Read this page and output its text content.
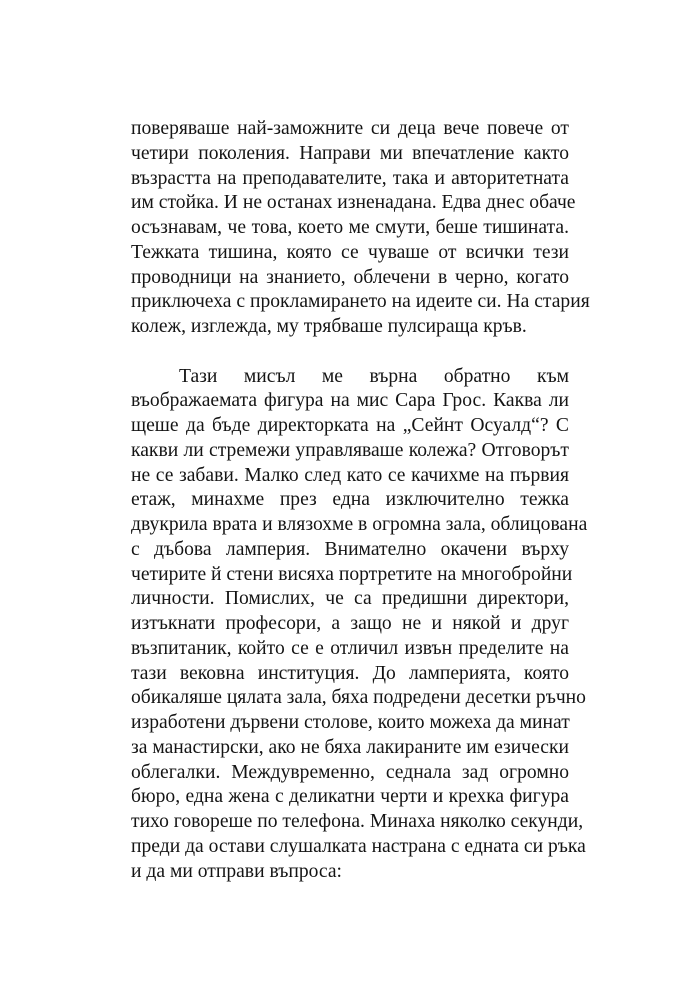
поверяваше най-заможните си деца вече повече от
четири поколения. Направи ми впечатление както
възрастта на преподавателите, така и авторитетната
им стойка. И не останах изненадана. Едва днес обаче
осъзнавам, че това, което ме смути, беше тишината.
Тежката тишина, която се чуваше от всички тези
проводници на знанието, облечени в черно, когато
приключеха с прокламирането на идеите си. На стария
колеж, изглежда, му трябваше пулсираща кръв.

Тази мисъл ме върна обратно към
въображаемата фигура на мис Сара Грос. Каква ли
щеше да бъде директорката на „Сейнт Осуалд“? С
какви ли стремежи управляваше колежа? Отговорът
не се забави. Малко след като се качихме на първия
етаж, минахме през една изключително тежка
двукрила врата и влязохме в огромна зала, облицована
с дъбова ламперия. Внимателно окачени върху
четирите й стени висяха портретите на многобройни
личности. Помислих, че са предишни директори,
изтъкнати професори, а защо не и някой и друг
възпитаник, който се е отличил извън пределите на
тази вековна институция. До ламперията, която
обикаляше цялата зала, бяха подредени десетки ръчно
изработени дървени столове, които можеха да минат
за манастирски, ако не бяха лакираните им езически
облегалки. Междувременно, седнала зад огромно
бюро, една жена с деликатни черти и крехка фигура
тихо говореше по телефона. Минаха няколко секунди,
преди да остави слушалката настрана с едната си ръка
и да ми отправи въпроса:
